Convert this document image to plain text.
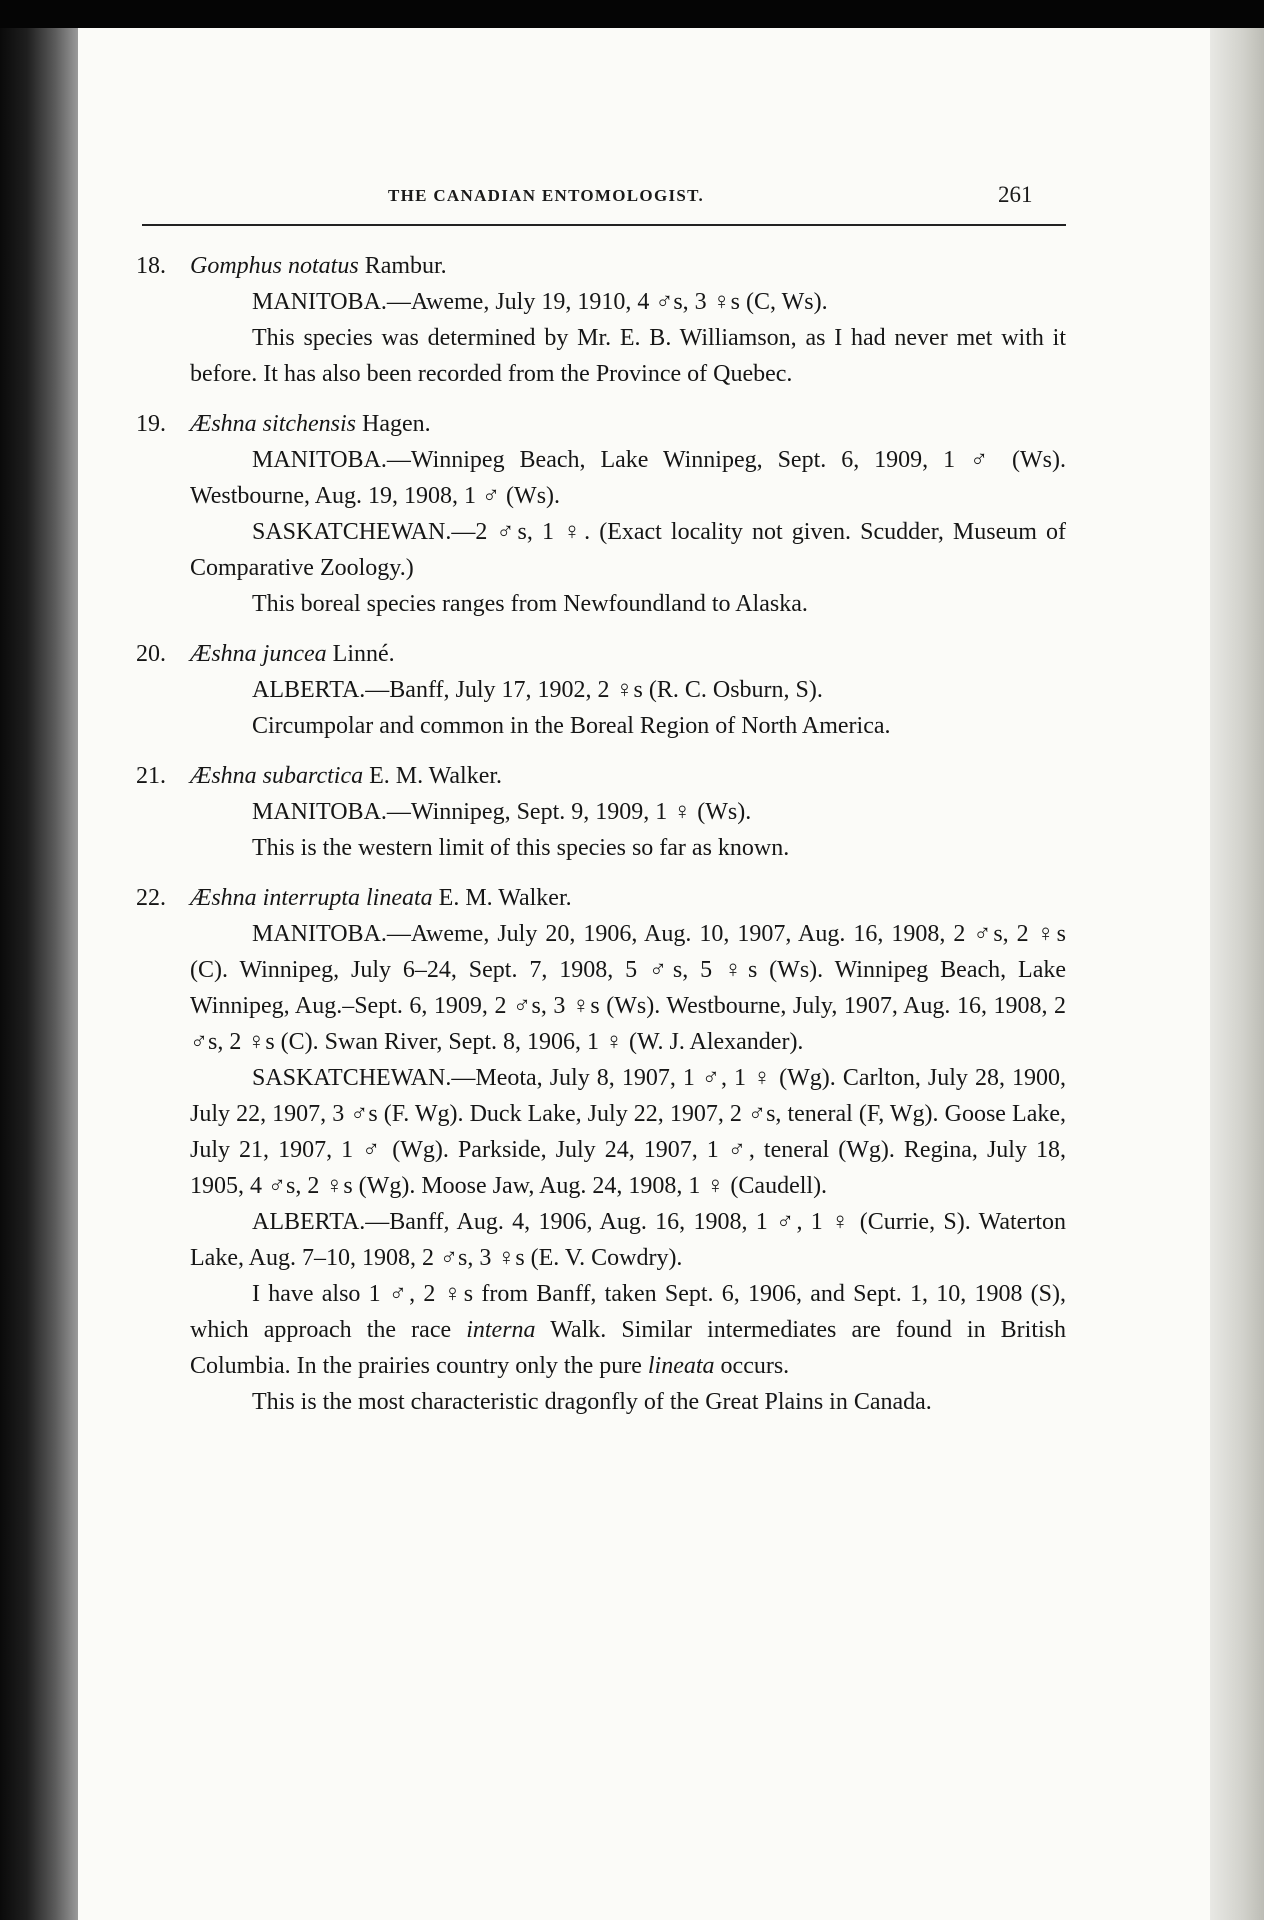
THE CANADIAN ENTOMOLOGIST.	261

18. Gomphus notatus Rambur.

MANITOBA.—Aweme, July 19, 1910, 4 ♂s, 3 ♀s (C, Ws).

This species was determined by Mr. E. B. Williamson, as I had never met with it before. It has also been recorded from the Province of Quebec.

19. Æshna sitchensis Hagen.

MANITOBA.—Winnipeg Beach, Lake Winnipeg, Sept. 6, 1909, 1 ♂ (Ws). Westbourne, Aug. 19, 1908, 1 ♂ (Ws).

SASKATCHEWAN.—2 ♂s, 1 ♀. (Exact locality not given. Scudder, Museum of Comparative Zoology.)

This boreal species ranges from Newfoundland to Alaska.

20. Æshna juncea Linné.

ALBERTA.—Banff, July 17, 1902, 2 ♀s (R. C. Osburn, S).

Circumpolar and common in the Boreal Region of North America.

21. Æshna subarctica E. M. Walker.

MANITOBA.—Winnipeg, Sept. 9, 1909, 1 ♀ (Ws).

This is the western limit of this species so far as known.

22. Æshna interrupta lineata E. M. Walker.

MANITOBA.—Aweme, July 20, 1906, Aug. 10, 1907, Aug. 16, 1908, 2 ♂s, 2 ♀s (C). Winnipeg, July 6–24, Sept. 7, 1908, 5 ♂s, 5 ♀s (Ws). Winnipeg Beach, Lake Winnipeg, Aug.–Sept. 6, 1909, 2 ♂s, 3 ♀s (Ws). Westbourne, July, 1907, Aug. 16, 1908, 2 ♂s, 2 ♀s (C). Swan River, Sept. 8, 1906, 1 ♀ (W. J. Alexander).

SASKATCHEWAN.—Meota, July 8, 1907, 1 ♂, 1 ♀ (Wg). Carlton, July 28, 1900, July 22, 1907, 3 ♂s (F. Wg). Duck Lake, July 22, 1907, 2 ♂s, teneral (F, Wg). Goose Lake, July 21, 1907, 1 ♂ (Wg). Parkside, July 24, 1907, 1 ♂, teneral (Wg). Regina, July 18, 1905, 4 ♂s, 2 ♀s (Wg). Moose Jaw, Aug. 24, 1908, 1 ♀ (Caudell).

ALBERTA.—Banff, Aug. 4, 1906, Aug. 16, 1908, 1 ♂, 1 ♀ (Currie, S). Waterton Lake, Aug. 7–10, 1908, 2 ♂s, 3 ♀s (E. V. Cowdry).

I have also 1 ♂, 2 ♀s from Banff, taken Sept. 6, 1906, and Sept. 1, 10, 1908 (S), which approach the race interna Walk. Similar intermediates are found in British Columbia. In the prairies country only the pure lineata occurs.

This is the most characteristic dragonfly of the Great Plains in Canada.
